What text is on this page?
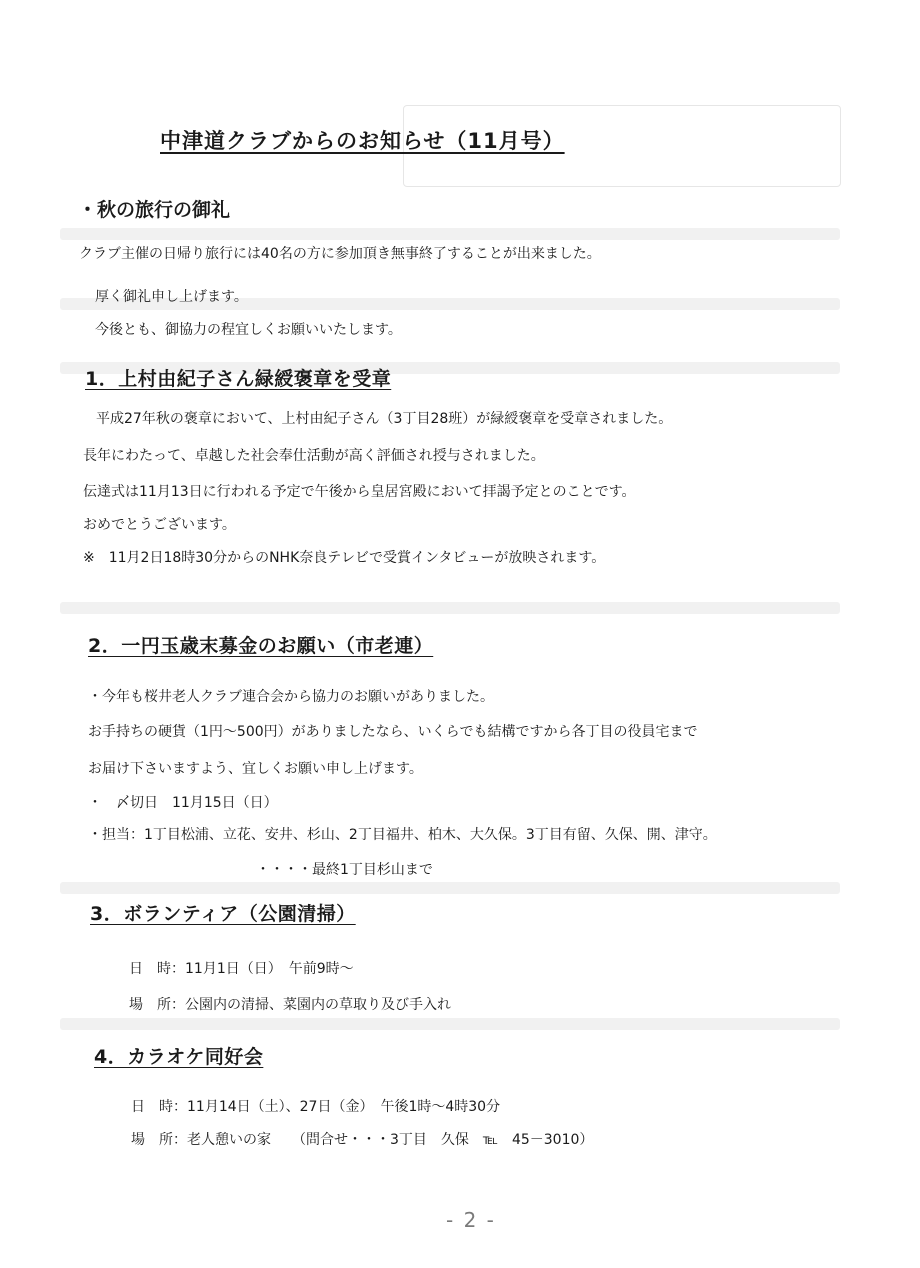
中津道クラブからのお知らせ（11月号）
・秋の旅行の御礼
クラブ主催の日帰り旅行には40名の方に参加頂き無事終了することが出来ました。
厚く御礼申し上げます。
今後とも、御協力の程宜しくお願いいたします。
1．上村由紀子さん緑綬褒章を受章
平成27年秋の褒章において、上村由紀子さん（3丁目28班）が緑綬褒章を受章されました。
長年にわたって、卓越した社会奉仕活動が高く評価され授与されました。
伝達式は11月13日に行われる予定で午後から皇居宮殿において拝謁予定とのことです。
おめでとうございます。
※　11月2日18時30分からのNHK奈良テレビで受賞インタビューが放映されます。
2．一円玉歳末募金のお願い（市老連）
・今年も桜井老人クラブ連合会から協力のお願いがありました。
お手持ちの硬貨（1円～500円）がありましたなら、いくらでも結構ですから各丁目の役員宅まで
お届け下さいますよう、宜しくお願い申し上げます。
・　〆切日　11月15日（日）
・担当：1丁目松浦、立花、安井、杉山、2丁目福井、柏木、大久保。3丁目有留、久保、開、津守。
・・・・最終1丁目杉山まで
3．ボランティア（公園清掃）
日　時：11月1日（日）　午前9時～
場　所：公園内の清掃、菜園内の草取り及び手入れ
4．カラオケ同好会
日　時：11月14日（土）、27日（金）　午後1時～4時30分
場　所：老人憩いの家　　（問合せ・・・3丁目　久保　℡　45－3010）
- 2 -
